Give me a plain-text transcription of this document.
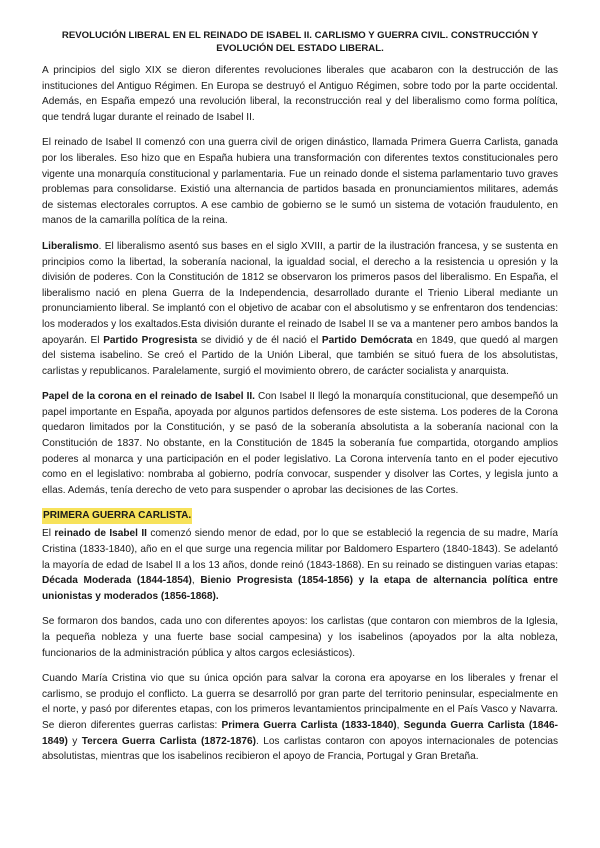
REVOLUCIÓN LIBERAL EN EL REINADO DE ISABEL II. CARLISMO Y GUERRA CIVIL. CONSTRUCCIÓN Y EVOLUCIÓN DEL ESTADO LIBERAL.

A principios del siglo XIX se dieron diferentes revoluciones liberales que acabaron con la destrucción de las instituciones del Antiguo Régimen. En Europa se destruyó el Antiguo Régimen, sobre todo por la parte occidental. Además, en España empezó una revolución liberal, la reconstrucción real y del liberalismo como forma política, que tendrá lugar durante el reinado de Isabel II.

El reinado de Isabel II comenzó con una guerra civil de origen dinástico, llamada Primera Guerra Carlista, ganada por los liberales. Eso hizo que en España hubiera una transformación con diferentes textos constitucionales pero vigente una monarquía constitucional y parlamentaria. Fue un reinado donde el sistema parlamentario tuvo graves problemas para consolidarse. Existió una alternancia de partidos basada en pronunciamientos militares, además de sistemas electorales corruptos. A ese cambio de gobierno se le sumó un sistema de votación fraudulento, en manos de la camarilla política de la reina.

Liberalismo. El liberalismo asentó sus bases en el siglo XVIII, a partir de la ilustración francesa, y se sustenta en principios como la libertad, la soberanía nacional, la igualdad social, el derecho a la resistencia u opresión y la división de poderes. Con la Constitución de 1812 se observaron los primeros pasos del liberalismo. En España, el liberalismo nació en plena Guerra de la Independencia, desarrollado durante el Trienio Liberal mediante un pronunciamiento liberal. Se implantó con el objetivo de acabar con el absolutismo y se enfrentaron dos tendencias: los moderados y los exaltados.Esta división durante el reinado de Isabel II se va a mantener pero ambos bandos la apoyarán. El Partido Progresista se dividió y de él nació el Partido Demócrata en 1849, que quedó al margen del sistema isabelino. Se creó el Partido de la Unión Liberal, que también se situó fuera de los absolutistas, carlistas y republicanos. Paralelamente, surgió el movimiento obrero, de carácter socialista y anarquista.

Papel de la corona en el reinado de Isabel II. Con Isabel II llegó la monarquía constitucional, que desempeñó un papel importante en España, apoyada por algunos partidos defensores de este sistema. Los poderes de la Corona quedaron limitados por la Constitución, y se pasó de la soberanía absolutista a la soberanía nacional con la Constitución de 1837. No obstante, en la Constitución de 1845 la soberanía fue compartida, otorgando amplios poderes al monarca y una participación en el poder legislativo. La Corona intervenía tanto en el poder ejecutivo como en el legislativo: nombraba al gobierno, podría convocar, suspender y disolver las Cortes, y legisla junto a ellas. Además, tenía derecho de veto para suspender o aprobar las decisiones de las Cortes.

PRIMERA GUERRA CARLISTA.

El reinado de Isabel II comenzó siendo menor de edad, por lo que se estableció la regencia de su madre, María Cristina (1833-1840), año en el que surge una regencia militar por Baldomero Espartero (1840-1843). Se adelantó la mayoría de edad de Isabel II a los 13 años, donde reinó (1843-1868). En su reinado se distinguen varias etapas: Década Moderada (1844-1854), Bienio Progresista (1854-1856) y la etapa de alternancia política entre unionistas y moderados (1856-1868).

Se formaron dos bandos, cada uno con diferentes apoyos: los carlistas (que contaron con miembros de la Iglesia, la pequeña nobleza y una fuerte base social campesina) y los isabelinos (apoyados por la alta nobleza, funcionarios de la administración pública y altos cargos eclesiásticos).

Cuando María Cristina vio que su única opción para salvar la corona era apoyarse en los liberales y frenar el carlismo, se produjo el conflicto. La guerra se desarrolló por gran parte del territorio peninsular, especialmente en el norte, y pasó por diferentes etapas, con los primeros levantamientos principalmente en el País Vasco y Navarra. Se dieron diferentes guerras carlistas: Primera Guerra Carlista (1833-1840), Segunda Guerra Carlista (1846-1849) y Tercera Guerra Carlista (1872-1876). Los carlistas contaron con apoyos internacionales de potencias absolutistas, mientras que los isabelinos recibieron el apoyo de Francia, Portugal y Gran Bretaña.
